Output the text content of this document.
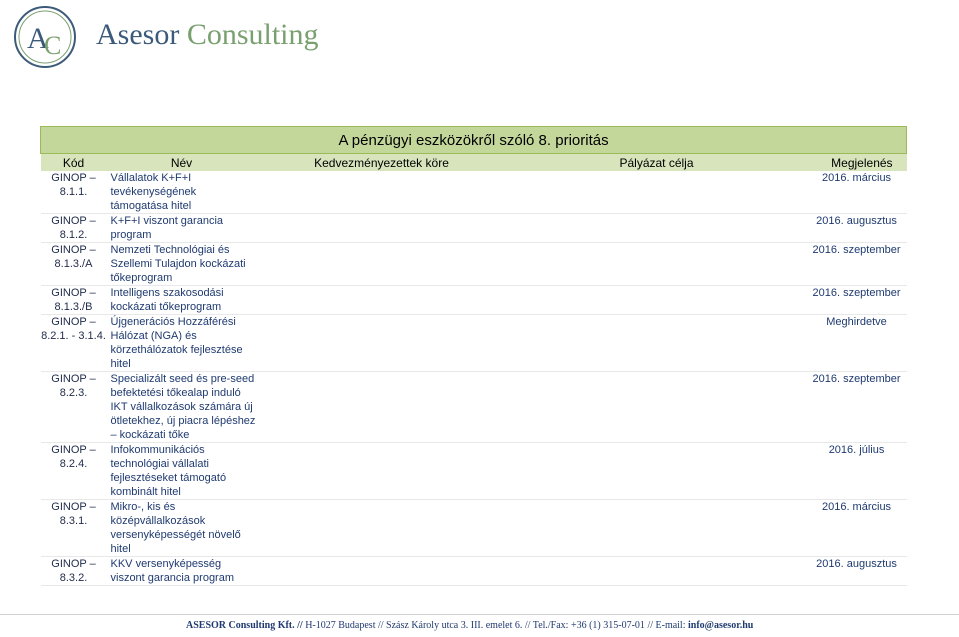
A
C Asesor Consulting
A pénzügyi eszközökről szóló 8. prioritás				
Kód	Név	Kedvezményezettek köre	Pályázat célja	Megjelenés
GINOP – 8.1.1.	Vállalatok K+F+I tevékenységének támogatása hitel			2016. március
GINOP – 8.1.2.	K+F+I viszont garancia program			2016. augusztus
GINOP – 8.1.3./A	Nemzeti Technológiai és Szellemi Tulajdon kockázati tőkeprogram			2016. szeptember
GINOP – 8.1.3./B	Intelligens szakosodási kockázati tőkeprogram			2016. szeptember
GINOP – 8.2.1. - 3.1.4.	Újgenerációs Hozzáférési Hálózat (NGA) és körzethálózatok fejlesztése hitel			Meghirdetve
GINOP – 8.2.3.	Specializált seed és pre-seed befektetési tőkealap induló IKT vállalkozások számára új ötletekhez, új piacra lépéshez – kockázati tőke			2016. szeptember
GINOP – 8.2.4.	Infokommunikációs technológiai vállalati fejlesztéseket támogató kombinált hitel			2016. július
GINOP – 8.3.1.	Mikro-, kis és középvállalkozások versenyképességét növelő hitel			2016. március
GINOP – 8.3.2.	KKV versenyképesség viszont garancia program			2016. augusztus
ASESOR Consulting Kft. // H-1027 Budapest // Szász Károly utca 3. III. emelet 6. // Tel./Fax: +36 (1) 315-07-01 // E-mail: info@asesor.hu
